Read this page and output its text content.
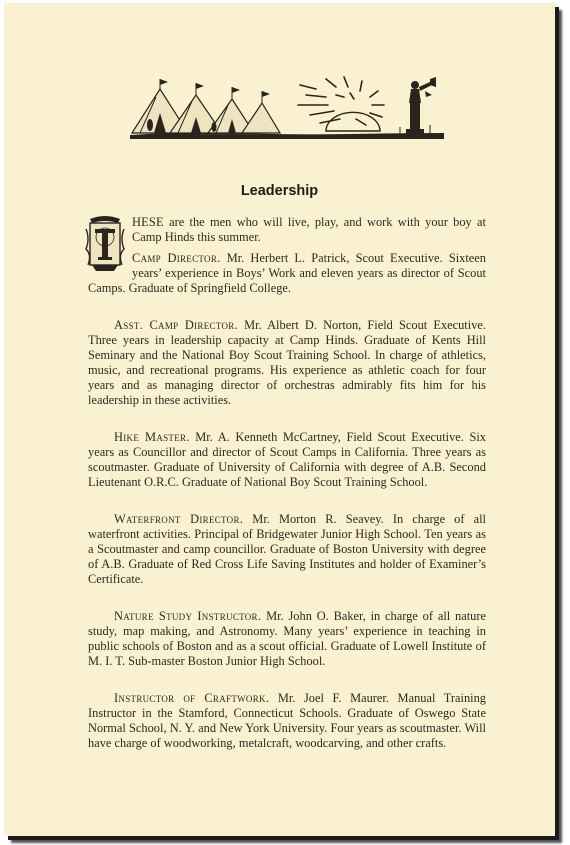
Leadership

HESE are the men who will live, play, and work with your boy at Camp Hinds this summer.

Camp Director. Mr. Herbert L. Patrick, Scout Executive. Sixteen years’ experience in Boys’ Work and eleven years as director of Scout Camps. Graduate of Springfield College.

Asst. Camp Director. Mr. Albert D. Norton, Field Scout Executive. Three years in leadership capacity at Camp Hinds. Graduate of Kents Hill Seminary and the National Boy Scout Training School. In charge of athletics, music, and recreational programs. His experience as athletic coach for four years and as managing director of orchestras admirably fits him for his leadership in these activities.

Hike Master. Mr. A. Kenneth McCartney, Field Scout Executive. Six years as Councillor and director of Scout Camps in California. Three years as scoutmaster. Graduate of University of California with degree of A.B. Second Lieutenant O.R.C. Graduate of National Boy Scout Training School.

Waterfront Director. Mr. Morton R. Seavey. In charge of all waterfront activities. Principal of Bridgewater Junior High School. Ten years as a Scoutmaster and camp councillor. Graduate of Boston University with degree of A.B. Graduate of Red Cross Life Saving Institutes and holder of Examiner’s Certificate.

Nature Study Instructor. Mr. John O. Baker, in charge of all nature study, map making, and Astronomy. Many years’ experience in teaching in public schools of Boston and as a scout official. Graduate of Lowell Institute of M. I. T. Sub-master Boston Junior High School.

Instructor of Craftwork. Mr. Joel F. Maurer. Manual Training Instructor in the Stamford, Connecticut Schools. Graduate of Oswego State Normal School, N. Y. and New York University. Four years as scoutmaster. Will have charge of woodworking, metalcraft, woodcarving, and other crafts.
